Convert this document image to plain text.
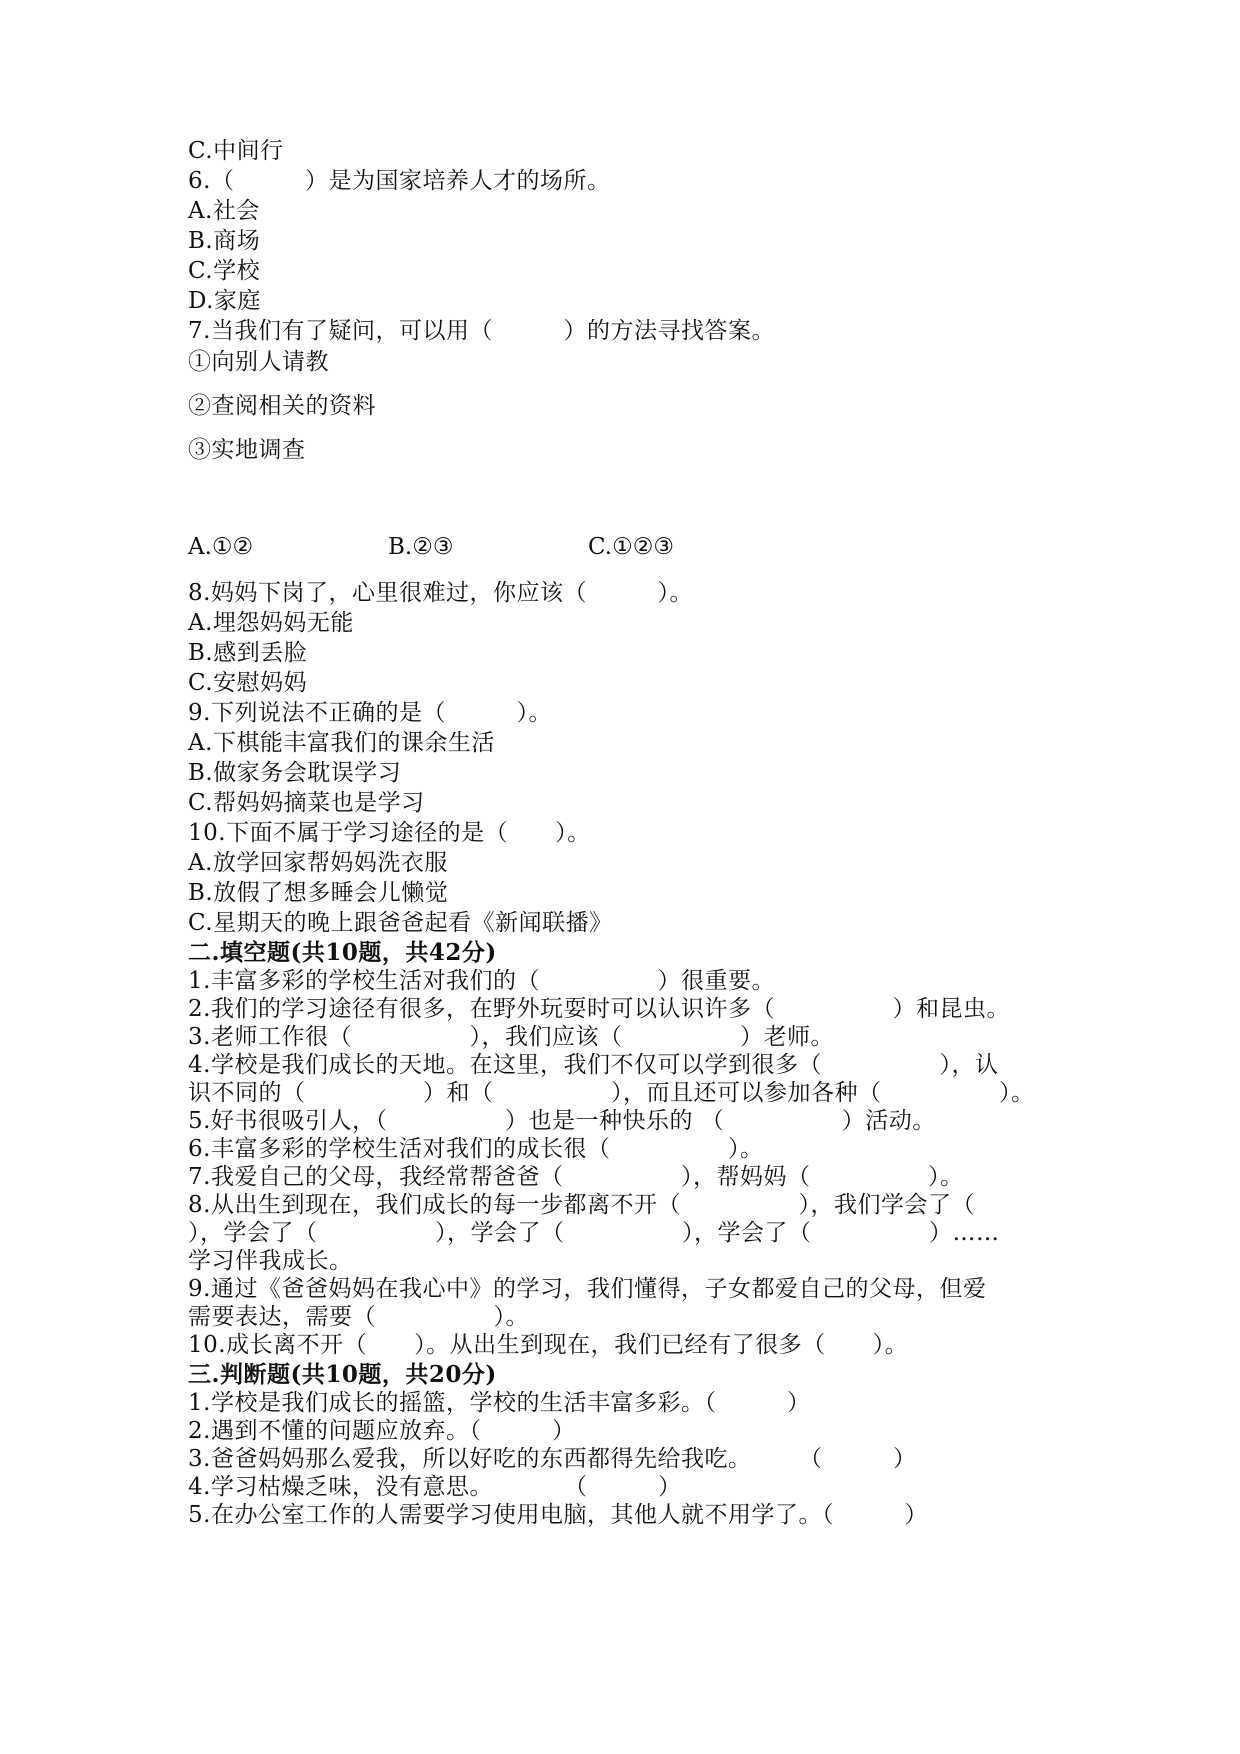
C.中间行
6.（　　　）是为国家培养人才的场所。
A.社会
B.商场
C.学校
D.家庭
7.当我们有了疑问，可以用（　　　）的方法寻找答案。
①向别人请教
②查阅相关的资料
③实地调查
A.①②	B.②③	C.①②③
8.妈妈下岗了，心里很难过，你应该（　　　）。
A.埋怨妈妈无能
B.感到丢脸
C.安慰妈妈
9.下列说法不正确的是（　　　）。
A.下棋能丰富我们的课余生活
B.做家务会耽误学习
C.帮妈妈摘菜也是学习
10.下面不属于学习途径的是（　　）。
A.放学回家帮妈妈洗衣服
B.放假了想多睡会儿懒觉
C.星期天的晚上跟爸爸起看《新闻联播》
二.填空题(共10题，共42分)
1.丰富多彩的学校生活对我们的（　　　　　）很重要。
2.我们的学习途径有很多，在野外玩耍时可以认识许多（　　　　　）和昆虫。
3.老师工作很（　　　　　），我们应该（　　　　　）老师。
4.学校是我们成长的天地。在这里，我们不仅可以学到很多（　　　　　），认
识不同的（　　　　　）和（　　　　　），而且还可以参加各种（　　　　　）。
5.好书很吸引人，（　　　　　）也是一种快乐的 （　　　　　）活动。
6.丰富多彩的学校生活对我们的成长很（　　　　　）。
7.我爱自己的父母，我经常帮爸爸（　　　　　），帮妈妈（　　　　　）。
8.从出生到现在，我们成长的每一步都离不开（　　　　　），我们学会了（
），学会了（　　　　　），学会了（　　　　　），学会了（　　　　　）……
学习伴我成长。
9.通过《爸爸妈妈在我心中》的学习，我们懂得，子女都爱自己的父母，但爱
需要表达，需要（　　　　　）。
10.成长离不开（　　）。从出生到现在，我们已经有了很多（　　）。
三.判断题(共10题，共20分)
1.学校是我们成长的摇篮，学校的生活丰富多彩。（　　　）
2.遇到不懂的问题应放弃。（　　　）
3.爸爸妈妈那么爱我，所以好吃的东西都得先给我吃。　　　（　　　）
4.学习枯燥乏味，没有意思。　　　　（　　　）
5.在办公室工作的人需要学习使用电脑，其他人就不用学了。（　　　）
